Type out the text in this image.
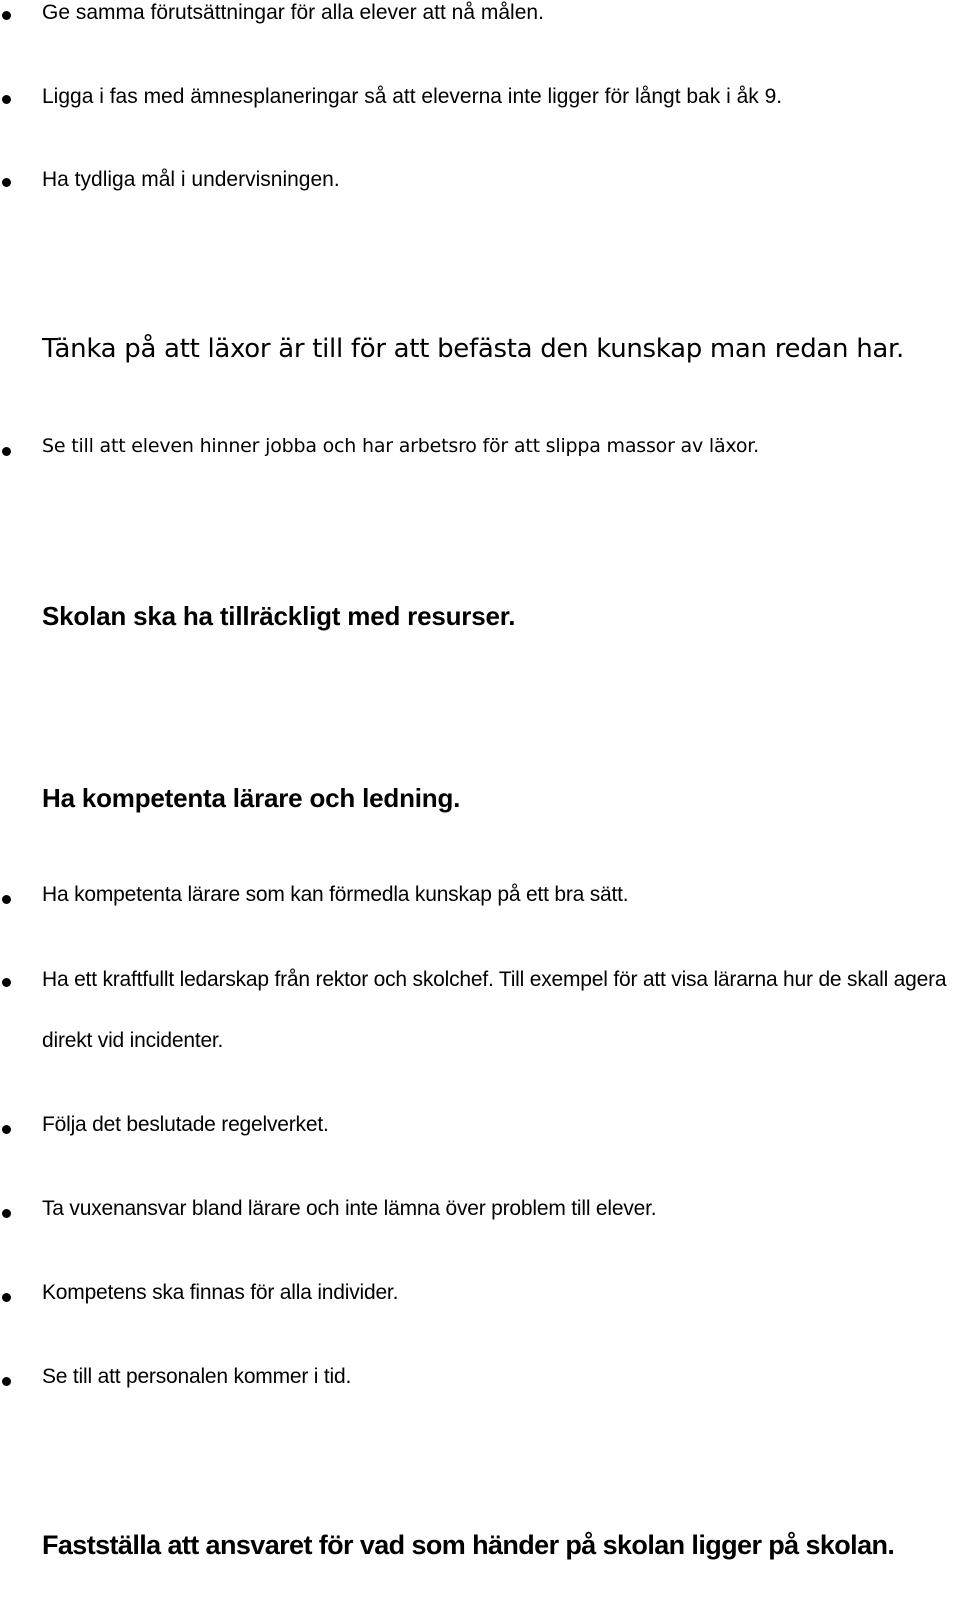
Ge samma förutsättningar för alla elever att nå målen.
Ligga i fas med ämnesplaneringar så att eleverna inte ligger för långt bak i åk 9.
Ha tydliga mål i undervisningen.
Tänka på att läxor är till för att befästa den kunskap man redan har.
Se till att eleven hinner jobba och har arbetsro för att slippa massor av läxor.
Skolan ska ha tillräckligt med resurser.
Ha kompetenta lärare och ledning.
Ha kompetenta lärare som kan förmedla kunskap på ett bra sätt.
Ha ett kraftfullt ledarskap från rektor och skolchef. Till exempel för att visa lärarna hur de skall agera direkt vid incidenter.
Följa det beslutade regelverket.
Ta vuxenansvar bland lärare och inte lämna över problem till elever.
Kompetens ska finnas för alla individer.
Se till att personalen kommer i tid.
Fastställa att ansvaret för vad som händer på skolan ligger på skolan.
